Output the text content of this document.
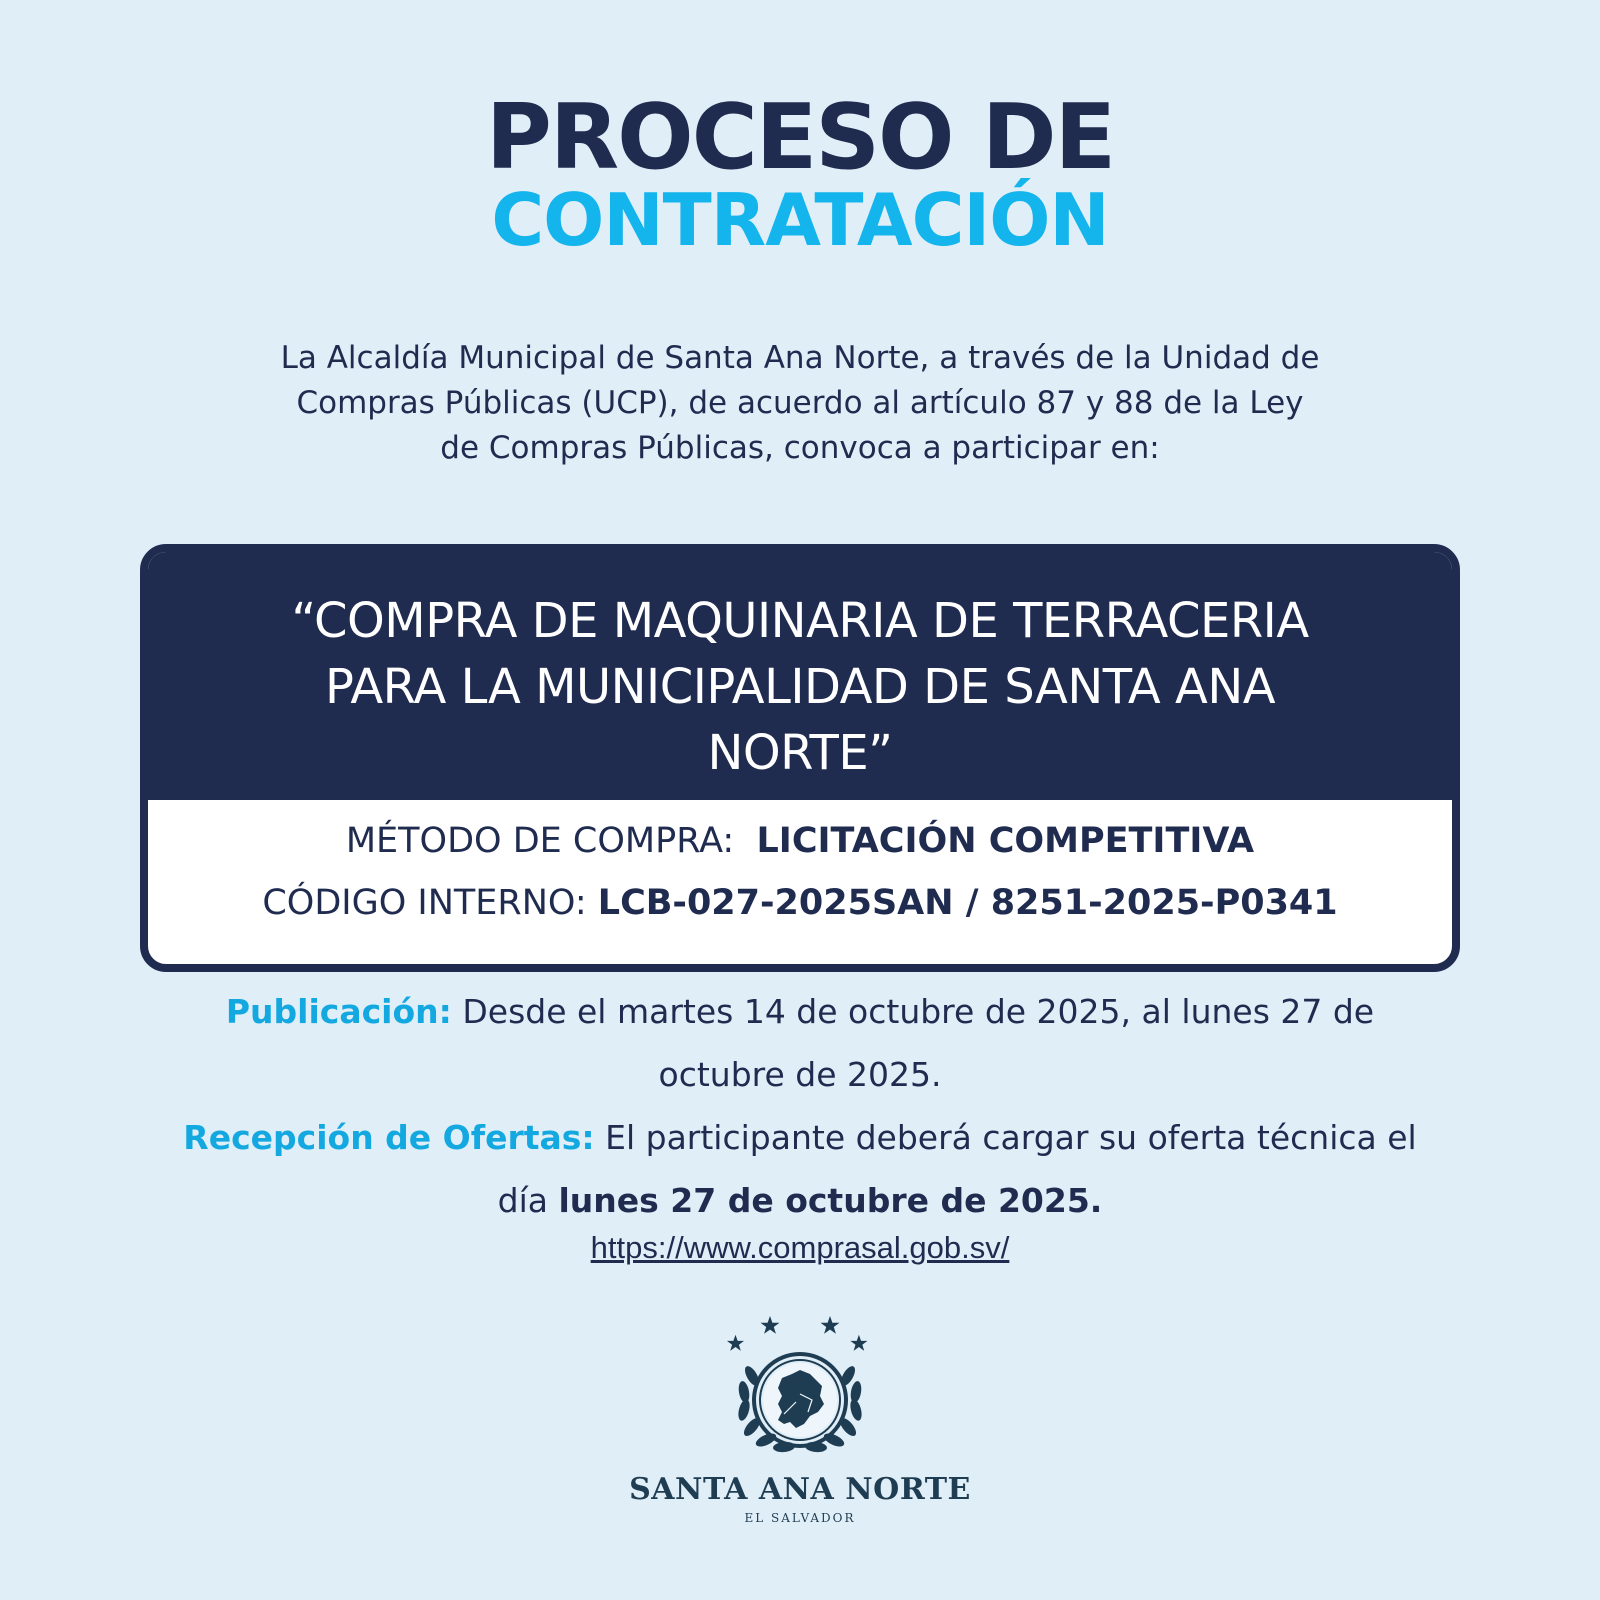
PROCESO DE
CONTRATACIÓN
La Alcaldía Municipal de Santa Ana Norte, a través de la Unidad de
Compras Públicas (UCP), de acuerdo al artículo 87 y 88 de la Ley
de Compras Públicas, convoca a participar en:
“COMPRA DE MAQUINARIA DE TERRACERIA
PARA LA MUNICIPALIDAD DE SANTA ANA
NORTE”
MÉTODO DE COMPRA: LICITACIÓN COMPETITIVA
CÓDIGO INTERNO: LCB-027-2025SAN / 8251-2025-P0341
Publicación: Desde el martes 14 de octubre de 2025, al lunes 27 de
octubre de 2025.
Recepción de Ofertas: El participante deberá cargar su oferta técnica el
día lunes 27 de octubre de 2025.
https://www.comprasal.gob.sv/
SANTA ANA NORTE
EL SALVADOR
